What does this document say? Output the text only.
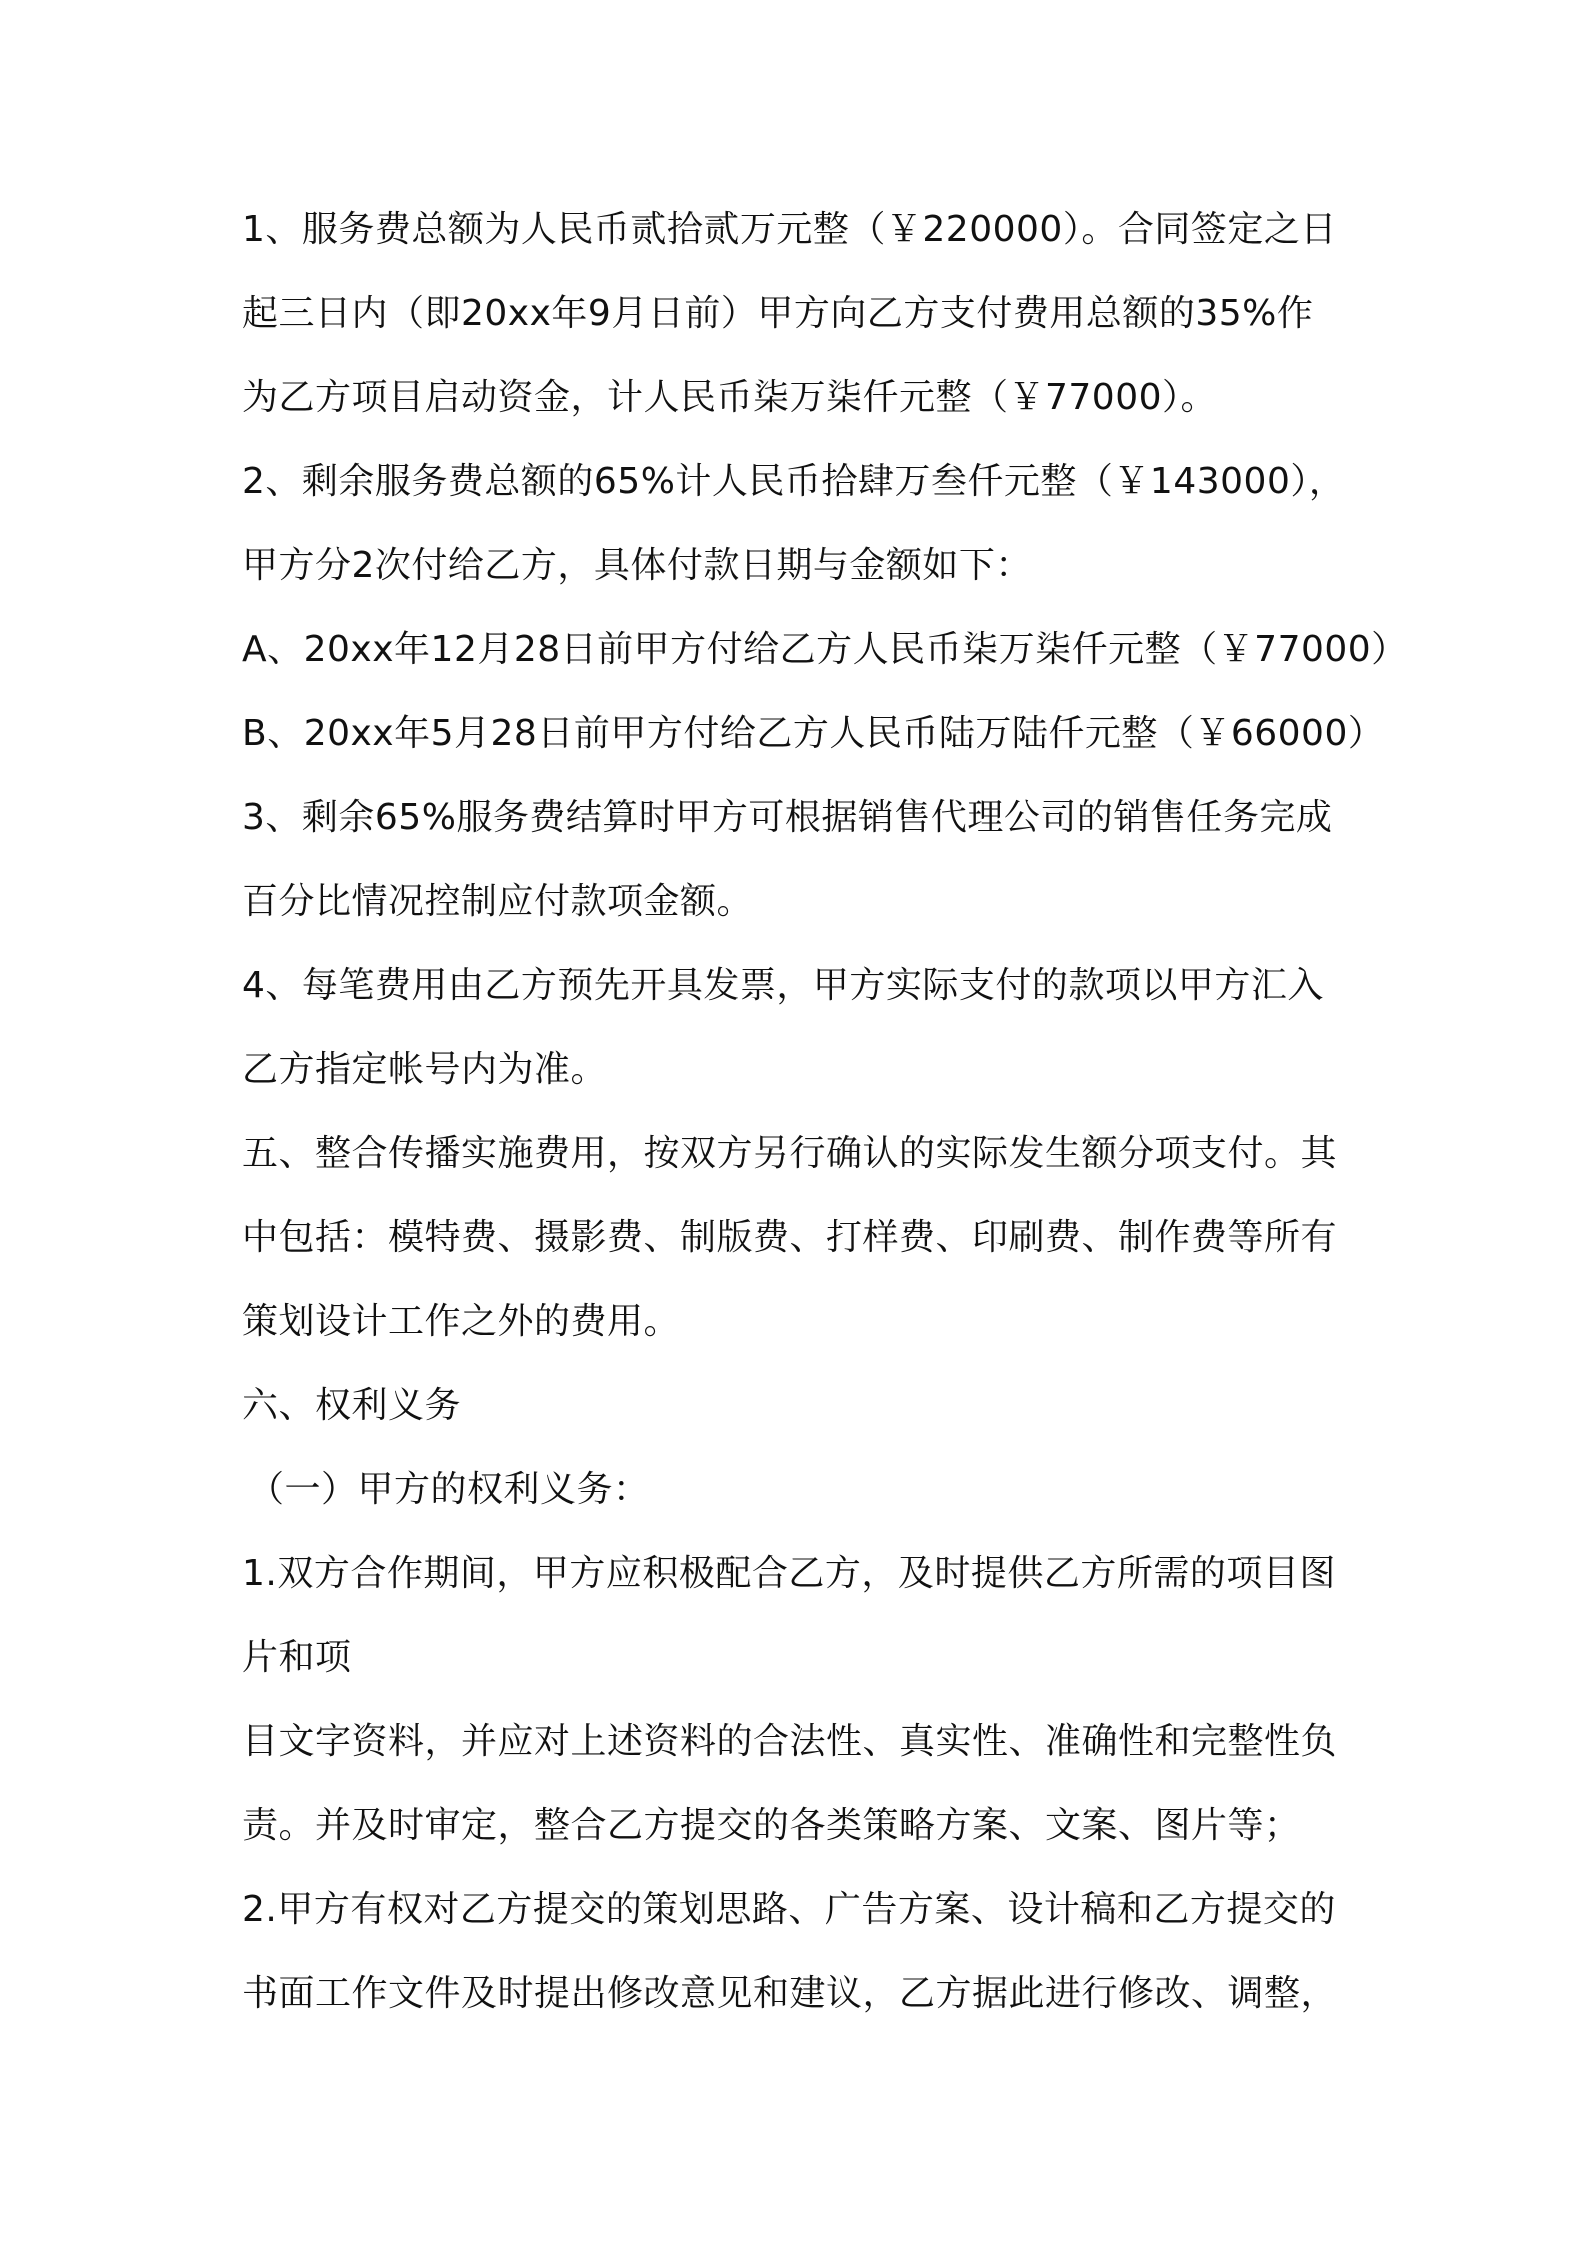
1、服务费总额为人民币贰拾贰万元整（￥220000）。合同签定之日
起三日内（即20xx年9月日前）甲方向乙方支付费用总额的35%作
为乙方项目启动资金，计人民币柒万柒仟元整（￥77000）。
2、剩余服务费总额的65%计人民币拾肆万叁仟元整（￥143000），
甲方分2次付给乙方，具体付款日期与金额如下：
A、20xx年12月28日前甲方付给乙方人民币柒万柒仟元整（￥77000）
B、20xx年5月28日前甲方付给乙方人民币陆万陆仟元整（￥66000）
3、剩余65%服务费结算时甲方可根据销售代理公司的销售任务完成
百分比情况控制应付款项金额。
4、每笔费用由乙方预先开具发票，甲方实际支付的款项以甲方汇入
乙方指定帐号内为准。
五、整合传播实施费用，按双方另行确认的实际发生额分项支付。其
中包括：模特费、摄影费、制版费、打样费、印刷费、制作费等所有
策划设计工作之外的费用。
六、权利义务
（一）甲方的权利义务：
1.双方合作期间，甲方应积极配合乙方，及时提供乙方所需的项目图
片和项
目文字资料，并应对上述资料的合法性、真实性、准确性和完整性负
责。并及时审定，整合乙方提交的各类策略方案、文案、图片等；
2.甲方有权对乙方提交的策划思路、广告方案、设计稿和乙方提交的
书面工作文件及时提出修改意见和建议，乙方据此进行修改、调整，
